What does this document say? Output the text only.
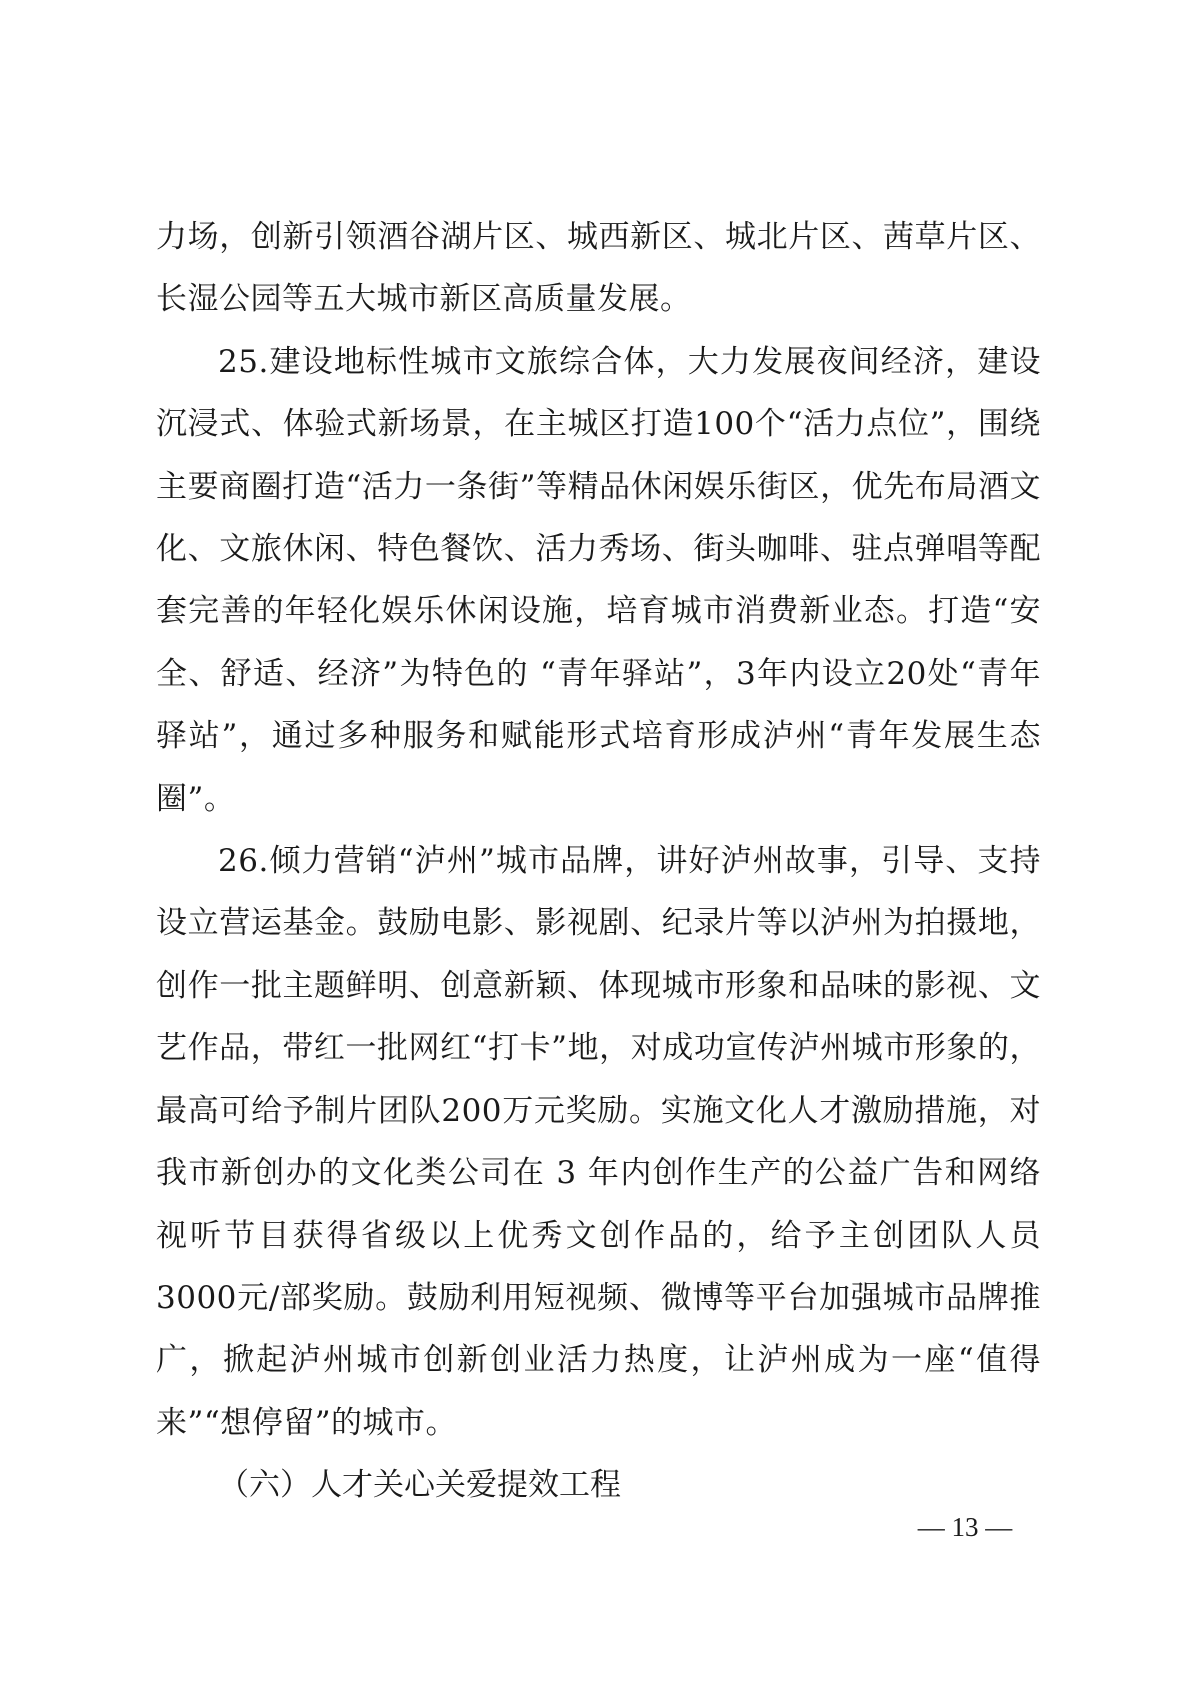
力场，创新引领酒谷湖片区、城西新区、城北片区、茜草片区、长湿公园等五大城市新区高质量发展。

25.建设地标性城市文旅综合体，大力发展夜间经济，建设沉浸式、体验式新场景，在主城区打造100个“活力点位”，围绕主要商圈打造“活力一条街”等精品休闲娱乐街区，优先布局酒文化、文旅休闲、特色餐饮、活力秀场、街头咖啡、驻点弹唱等配套完善的年轻化娱乐休闲设施，培育城市消费新业态。打造“安全、舒适、经济”为特色的 “青年驿站”，3年内设立20处“青年驿站”，通过多种服务和赋能形式培育形成泸州“青年发展生态圈”。

26.倾力营销“泸州”城市品牌，讲好泸州故事，引导、支持设立营运基金。鼓励电影、影视剧、纪录片等以泸州为拍摄地，创作一批主题鲜明、创意新颖、体现城市形象和品味的影视、文艺作品，带红一批网红“打卡”地，对成功宣传泸州城市形象的，最高可给予制片团队200万元奖励。实施文化人才激励措施，对我市新创办的文化类公司在 3 年内创作生产的公益广告和网络视听节目获得省级以上优秀文创作品的，给予主创团队人员3000元/部奖励。鼓励利用短视频、微博等平台加强城市品牌推广，掀起泸州城市创新创业活力热度，让泸州成为一座“值得来”“想停留”的城市。

（六）人才关心关爱提效工程

— 13 —
